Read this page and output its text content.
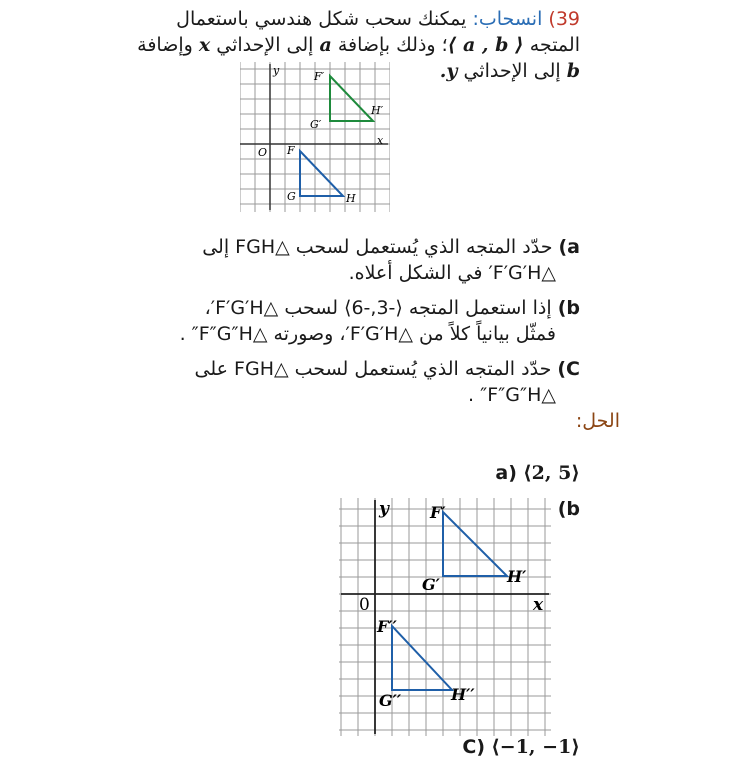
39) انسحاب: يمكنك سحب شكل هندسي باستعمال
المتجه ⟨ a , b ⟩؛ وذلك بإضافة a إلى الإحداثي x وإضافة
b إلى الإحداثي y.
x
y
O
F′
G′
H′
F
G	H
a) حدّد المتجه الذي يُستعمل لسحب △FGH إلى
△F′G′H′ في الشكل أعلاه.
b) إذا استعمل المتجه ⟨-3,-6⟩ لسحب △F′G′H′،
فمثّل بيانياً كلاً من △F′G′H′، وصورته △F″G″H″ .
C) حدّد المتجه الذي يُستعمل لسحب △FGH على
△F″G″H″ .
الحل:
a) ⟨2, 5⟩
b)
x
y
0
F′
G′	H′
F′′
G′′	H′′
C) ⟨−1, −1⟩
